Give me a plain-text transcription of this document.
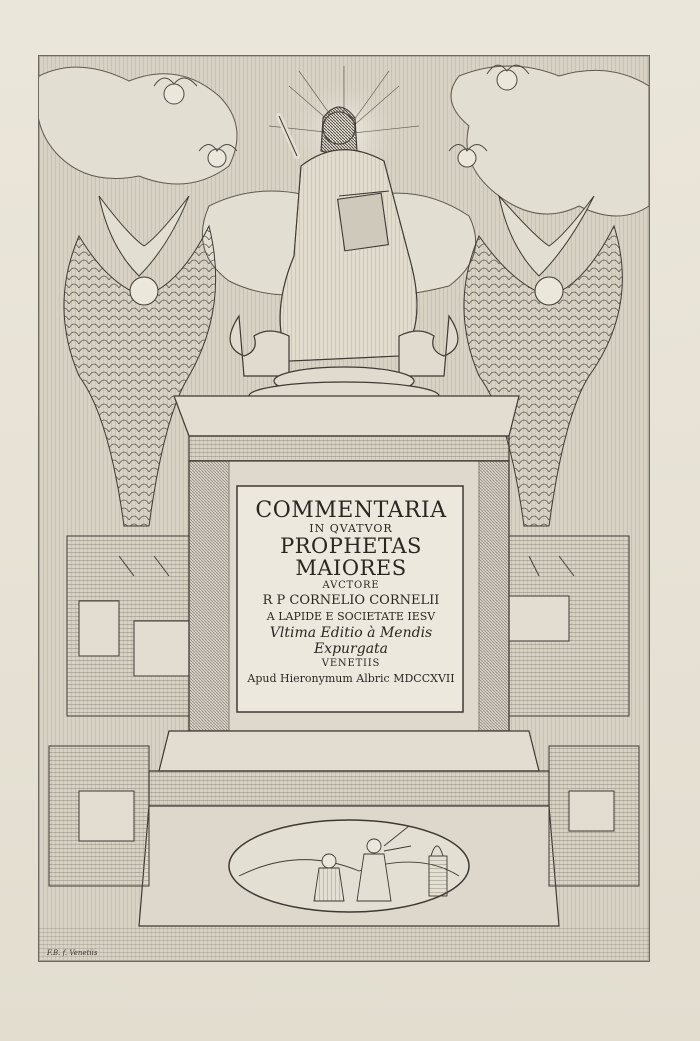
COMMENTARIA
IN QVATVOR
PROPHETAS
MAIORES
AVCTORE
R P CORNELIO CORNELII
A LAPIDE E SOCIETATE IESV
Vltima Editio à Mendis
Expurgata
VENETIIS
Apud Hieronymum Albric MDCCXVII
F.B. f. Venetiis
